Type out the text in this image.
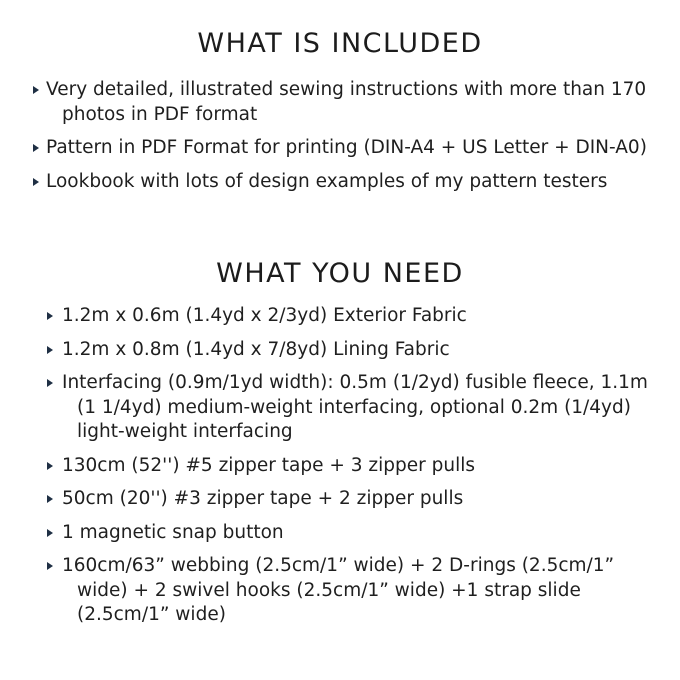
WHAT IS INCLUDED
Very detailed, illustrated sewing instructions with more than 170 photos in PDF format
Pattern in PDF Format for printing (DIN-A4 + US Letter + DIN-A0)
Lookbook with lots of design examples of my pattern testers
WHAT YOU NEED
1.2m x 0.6m (1.4yd x 2/3yd) Exterior Fabric
1.2m x 0.8m (1.4yd x 7/8yd) Lining Fabric
Interfacing (0.9m/1yd width): 0.5m (1/2yd) fusible fleece, 1.1m (1 1/4yd) medium-weight interfacing, optional 0.2m (1/4yd) light-weight interfacing
130cm (52'') #5 zipper tape + 3 zipper pulls
50cm (20'') #3 zipper tape + 2 zipper pulls
1 magnetic snap button
160cm/63” webbing (2.5cm/1” wide) + 2 D-rings (2.5cm/1” wide) + 2 swivel hooks (2.5cm/1” wide) +1 strap slide (2.5cm/1” wide)
